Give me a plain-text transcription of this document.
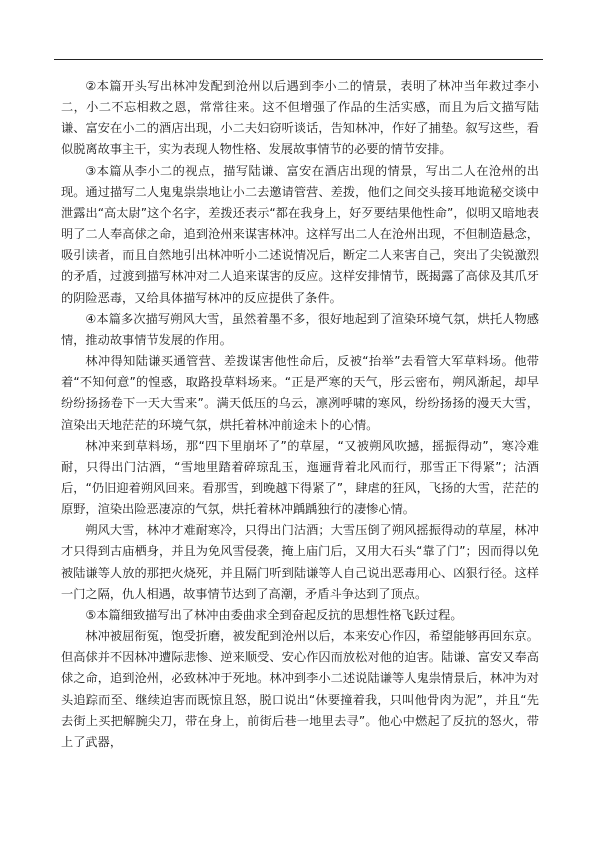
②本篇开头写出林冲发配到沧州以后遇到李小二的情景，表明了林冲当年救过李小二，小二不忘相救之恩，常常往来。这不但增强了作品的生活实感，而且为后文描写陆谦、富安在小二的酒店出现，小二夫妇窃听谈话，告知林冲，作好了捕垫。叙写这些，看似脱离故事主干，实为表现人物性格、发展故事情节的必要的情节安排。

③本篇从李小二的视点，描写陆谦、富安在酒店出现的情景，写出二人在沧州的出现。通过描写二人鬼鬼祟祟地让小二去邀请管营、差拨，他们之间交头接耳地诡秘交谈中泄露出“高太尉”这个名字，差拨还表示“都在我身上，好歹要结果他性命”，似明又暗地表明了二人奉高俅之命，追到沧州来谋害林冲。这样写出二人在沧州出现，不但制造悬念，吸引读者，而且自然地引出林冲听小二述说情况后，断定二人来害自己，突出了尖锐激烈的矛盾，过渡到描写林冲对二人追来谋害的反应。这样安排情节，既揭露了高俅及其爪牙的阴险恶毒，又给具体描写林冲的反应提供了条件。

④本篇多次描写朔风大雪，虽然着墨不多，很好地起到了渲染环境气氛，烘托人物感情，推动故事情节发展的作用。

林冲得知陆谦买通管营、差拨谋害他性命后，反被“抬举”去看管大军草料场。他带着“不知何意”的惶惑，取路投草料场来。“正是严寒的天气，彤云密布，朔风渐起，却早纷纷扬扬卷下一天大雪来”。满天低压的乌云，凛冽呼啸的寒风，纷纷扬扬的漫天大雪，渲染出天地茫茫的环境气氛，烘托着林冲前途未卜的心情。

林冲来到草料场，那“四下里崩坏了”的草屋，“又被朔风吹撼，摇振得动”，寒冷难耐，只得出门沽酒，“雪地里踏着碎琼乱玉，迤逦背着北风而行，那雪正下得紧”；沽酒后，“仍旧迎着朔风回来。看那雪，到晚越下得紧了”，肆虐的狂风，飞扬的大雪，茫茫的原野，渲染出险恶凄凉的气氛，烘托着林冲踽踽独行的凄惨心情。

朔风大雪，林冲才难耐寒冷，只得出门沽酒；大雪压倒了朔风摇振得动的草屋，林冲才只得到古庙栖身，并且为免风雪侵袭，掩上庙门后，又用大石头“靠了门”；因而得以免被陆谦等人放的那把火烧死，并且隔门听到陆谦等人自己说出恶毒用心、凶狠行径。这样一门之隔，仇人相遇，故事情节达到了高潮，矛盾斗争达到了顶点。

⑤本篇细致描写出了林冲由委曲求全到奋起反抗的思想性格飞跃过程。

林冲被屈衔冤，饱受折磨，被发配到沧州以后，本来安心作囚，希望能够再回东京。但高俅并不因林冲遭际悲惨、逆来顺受、安心作囚而放松对他的迫害。陆谦、富安又奉高俅之命，追到沧州，必致林冲于死地。林冲到李小二述说陆谦等人鬼祟情景后，林冲为对头追踪而至、继续迫害而既惊且怒，脱口说出“休要撞着我，只叫他骨肉为泥”，并且“先去街上买把解腕尖刀，带在身上，前街后巷一地里去寻”。他心中燃起了反抗的怒火，带上了武器，
